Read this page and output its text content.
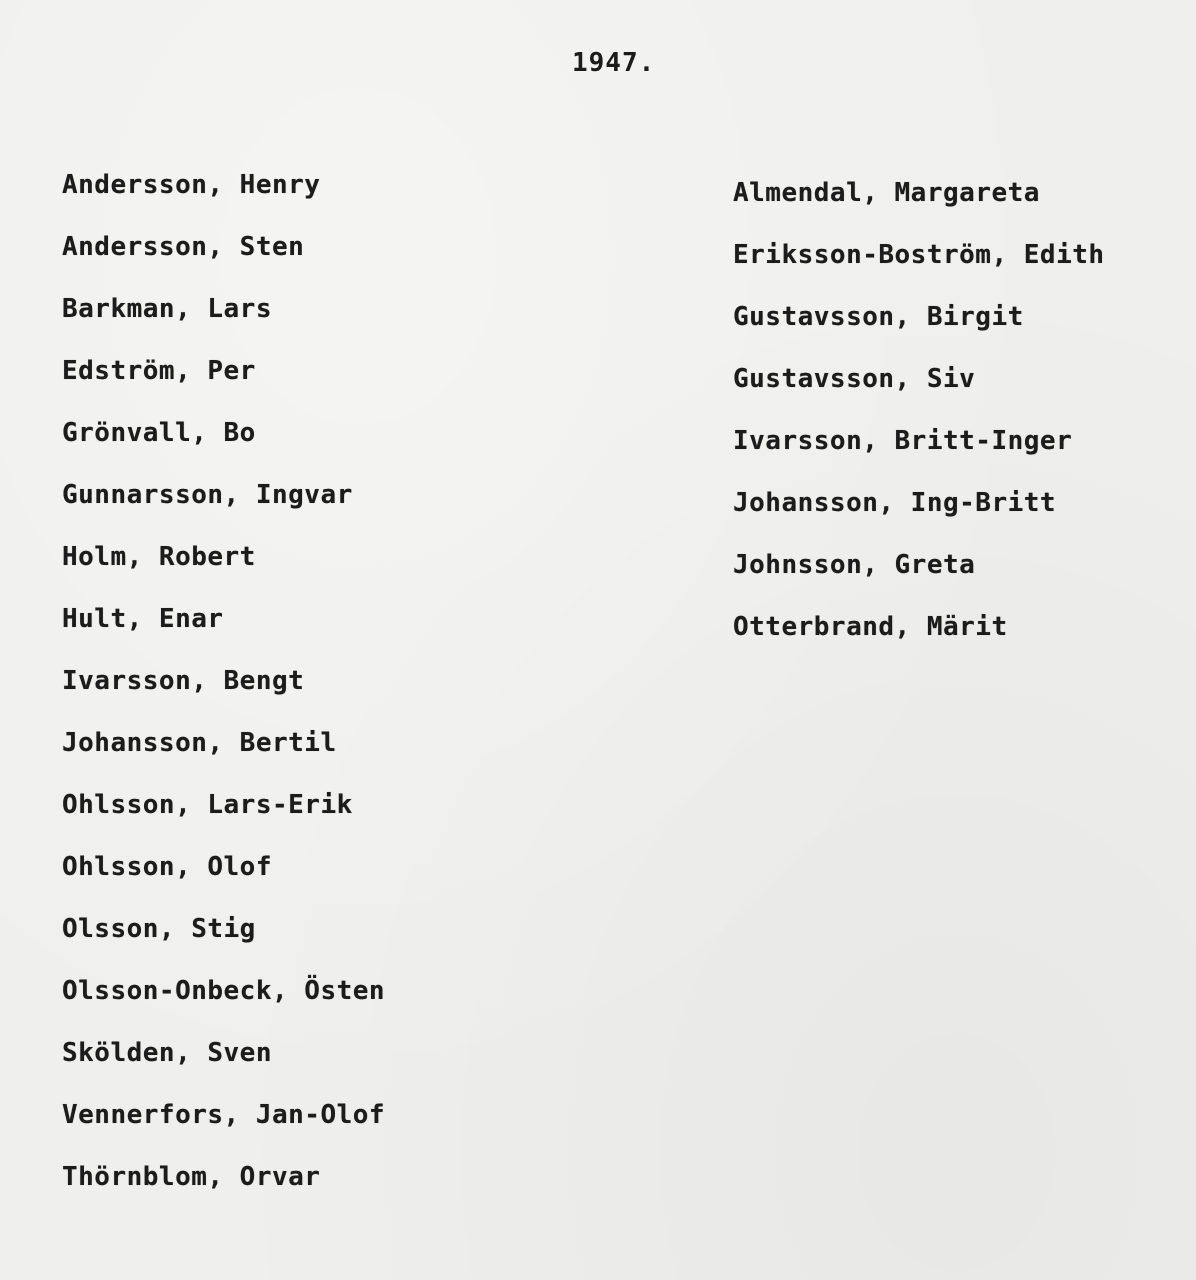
1947.
Andersson, Henry
Andersson, Sten
Barkman, Lars
Edström, Per
Grönvall, Bo
Gunnarsson, Ingvar
Holm, Robert
Hult, Enar
Ivarsson, Bengt
Johansson, Bertil
Ohlsson, Lars-Erik
Ohlsson, Olof
Olsson, Stig
Olsson-Onbeck, Östen
Skölden, Sven
Vennerfors, Jan-Olof
Thörnblom, Orvar
Almendal, Margareta
Eriksson-Boström, Edith
Gustavsson, Birgit
Gustavsson, Siv
Ivarsson, Britt-Inger
Johansson, Ing-Britt
Johnsson, Greta
Otterbrand, Märit
